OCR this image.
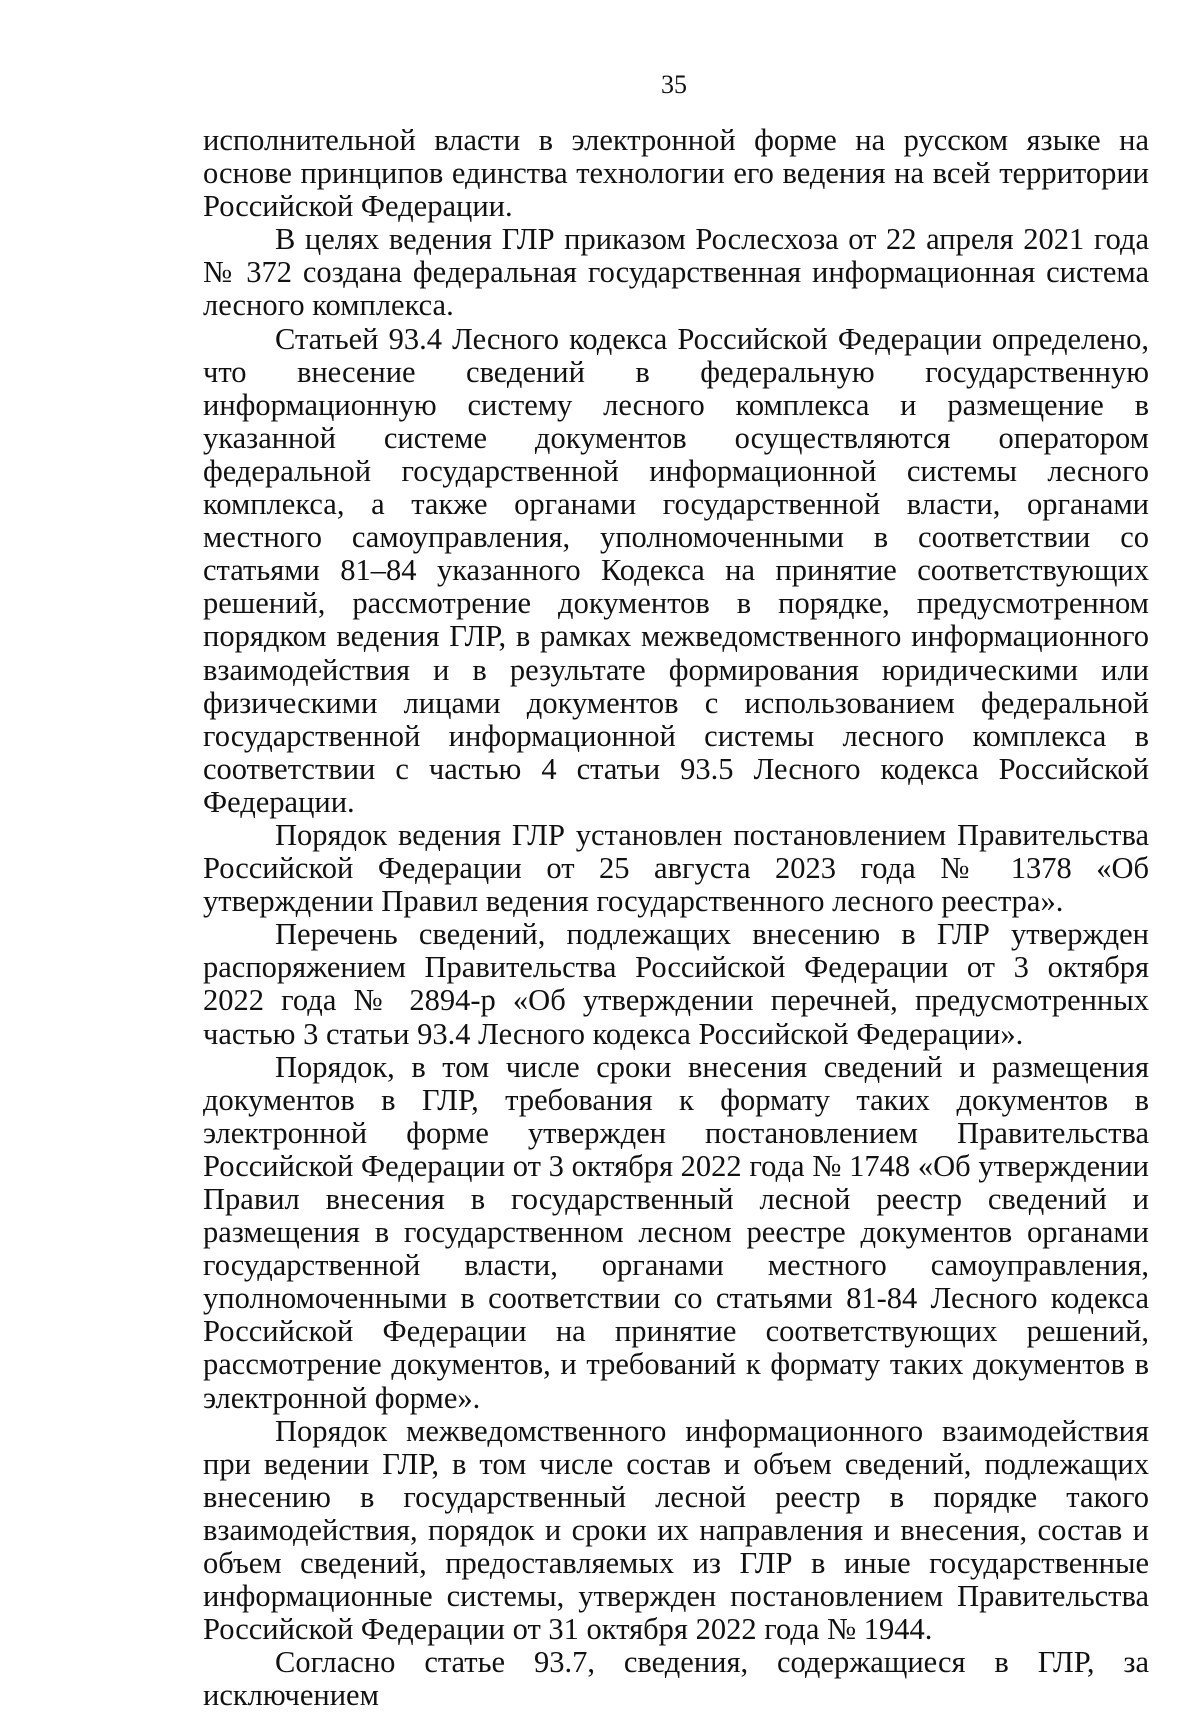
35

исполнительной власти в электронной форме на русском языке на основе принципов единства технологии его ведения на всей территории Российской Федерации.

В целях ведения ГЛР приказом Рослесхоза от 22 апреля 2021 года № 372 создана федеральная государственная информационная система лесного комплекса.

Статьей 93.4 Лесного кодекса Российской Федерации определено, что внесение сведений в федеральную государственную информационную систему лесного комплекса и размещение в указанной системе документов осуществляются оператором федеральной государственной информационной системы лесного комплекса, а также органами государственной власти, органами местного самоуправления, уполномоченными в соответствии со статьями 81–84 указанного Кодекса на принятие соответствующих решений, рассмотрение документов в порядке, предусмотренном порядком ведения ГЛР, в рамках межведомственного информационного взаимодействия и в результате формирования юридическими или физическими лицами документов с использованием федеральной государственной информационной системы лесного комплекса в соответствии с частью 4 статьи 93.5 Лесного кодекса Российской Федерации.

Порядок ведения ГЛР установлен постановлением Правительства Российской Федерации от 25 августа 2023 года № 1378 «Об утверждении Правил ведения государственного лесного реестра».

Перечень сведений, подлежащих внесению в ГЛР утвержден распоряжением Правительства Российской Федерации от 3 октября 2022 года № 2894-р «Об утверждении перечней, предусмотренных частью 3 статьи 93.4 Лесного кодекса Российской Федерации».

Порядок, в том числе сроки внесения сведений и размещения документов в ГЛР, требования к формату таких документов в электронной форме утвержден постановлением Правительства Российской Федерации от 3 октября 2022 года № 1748 «Об утверждении Правил внесения в государственный лесной реестр сведений и размещения в государственном лесном реестре документов органами государственной власти, органами местного самоуправления, уполномоченными в соответствии со статьями 81-84 Лесного кодекса Российской Федерации на принятие соответствующих решений, рассмотрение документов, и требований к формату таких документов в электронной форме».

Порядок межведомственного информационного взаимодействия при ведении ГЛР, в том числе состав и объем сведений, подлежащих внесению в государственный лесной реестр в порядке такого взаимодействия, порядок и сроки их направления и внесения, состав и объем сведений, предоставляемых из ГЛР в иные государственные информационные системы, утвержден постановлением Правительства Российской Федерации от 31 октября 2022 года № 1944.

Согласно статье 93.7, сведения, содержащиеся в ГЛР, за исключением
